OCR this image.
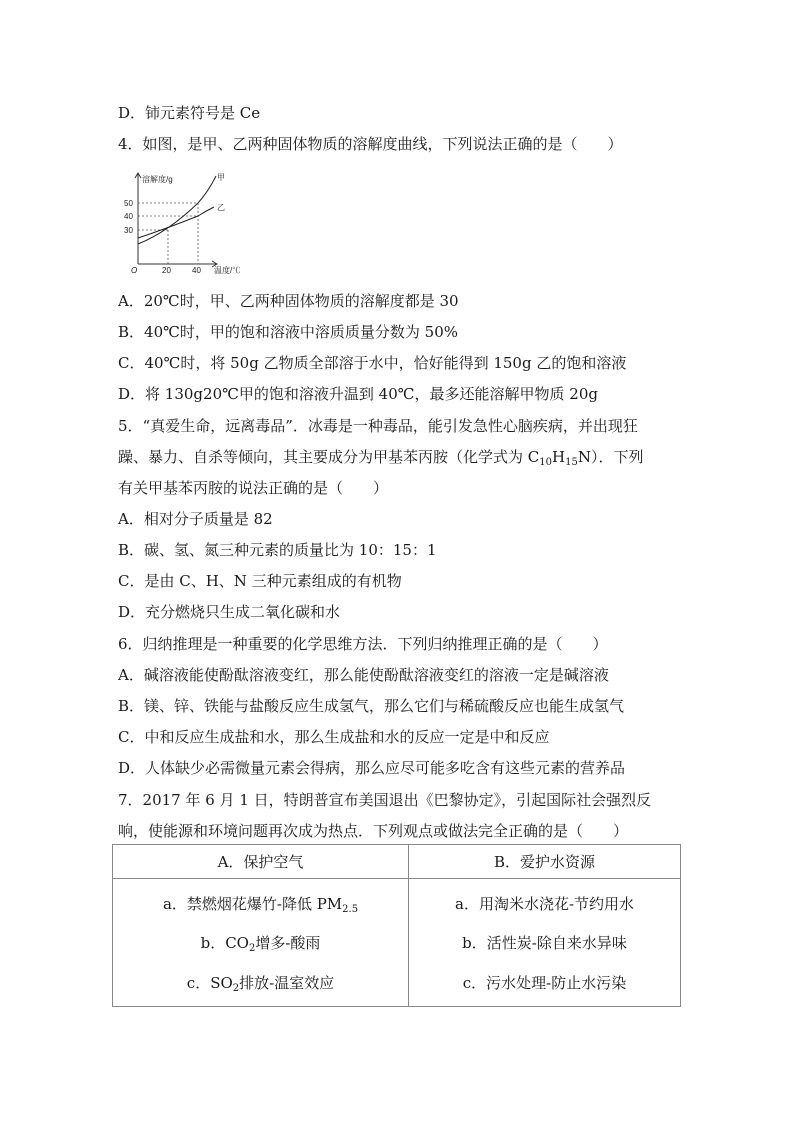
D．铈元素符号是 Ce
4．如图，是甲、乙两种固体物质的溶解度曲线，下列说法正确的是（　　）
溶解度/g	甲
乙
50
40
30
O	20	40 温度/℃
A．20℃时，甲、乙两种固体物质的溶解度都是 30
B．40℃时，甲的饱和溶液中溶质质量分数为 50%
C．40℃时，将 50g 乙物质全部溶于水中，恰好能得到 150g 乙的饱和溶液
D．将 130g20℃甲的饱和溶液升温到 40℃，最多还能溶解甲物质 20g
5．“真爱生命，远离毒品”．冰毒是一种毒品，能引发急性心脑疾病，并出现狂
躁、暴力、自杀等倾向，其主要成分为甲基苯丙胺（化学式为 $C_{10}H_{15}N$）．下列
有关甲基苯丙胺的说法正确的是（　　）
A．相对分子质量是 82
B．碳、氢、氮三种元素的质量比为 10：15：1
C．是由 C、H、N 三种元素组成的有机物
D．充分燃烧只生成二氧化碳和水
6．归纳推理是一种重要的化学思维方法．下列归纳推理正确的是（　　）
A．碱溶液能使酚酞溶液变红，那么能使酚酞溶液变红的溶液一定是碱溶液
B．镁、锌、铁能与盐酸反应生成氢气，那么它们与稀硫酸反应也能生成氢气
C．中和反应生成盐和水，那么生成盐和水的反应一定是中和反应
D．人体缺少必需微量元素会得病，那么应尽可能多吃含有这些元素的营养品
7．2017 年 6 月 1 日，特朗普宣布美国退出《巴黎协定》，引起国际社会强烈反
响，使能源和环境问题再次成为热点．下列观点或做法完全正确的是（　　）
A．保护空气	B．爱护水资源
a．禁燃烟花爆竹-降低 $PM_{2.5}$	a．用淘米水浇花-节约用水
b．$CO_2$增多-酸雨	b．活性炭-除自来水异味
c．$SO_2$排放-温室效应	c．污水处理-防止水污染
